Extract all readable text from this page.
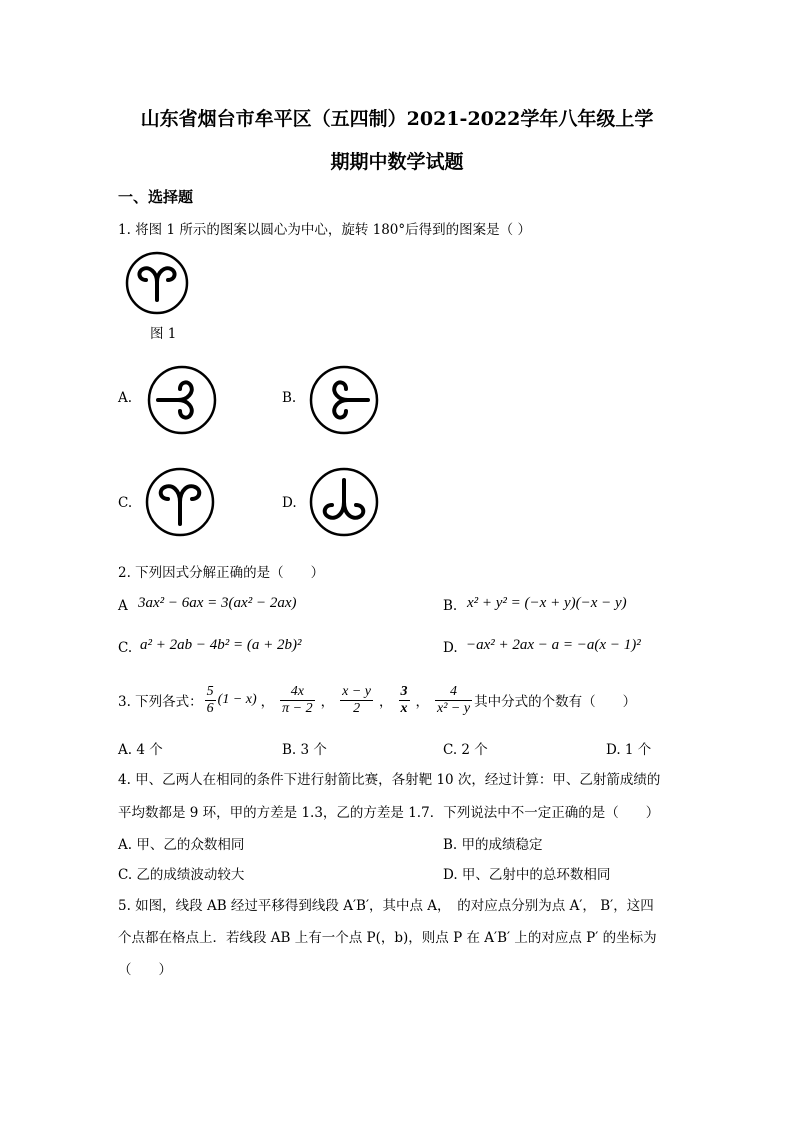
山东省烟台市牟平区（五四制）2021-2022学年八年级上学
期期中数学试题
一、选择题
1. 将图 1 所示的图案以圆心为中心，旋转 180°后得到的图案是（ ）
图 1
A.	B.
C.	D.
2. 下列因式分解正确的是（　　）
A 3ax² − 6ax = 3(ax² − 2ax)	B. x² + y² = (−x + y)(−x − y)
C. a² + 2ab − 4b² = (a + 2b)²	D. −ax² + 2ax − a = −a(x − 1)²
3. 下列各式： $\frac{5}{6} (1 - x)$ ， $\frac{4x}{\pi - 2}$ ， $\frac{x - y}{2}$ ， $\frac{3}{x}$ ， $\frac{4}{\text{x² − y}}$ 其中分式的个数有（　　）
A. 4 个	B. 3 个	C. 2 个	D. 1 个
4. 甲、乙两人在相同的条件下进行射箭比赛，各射靶 10 次，经过计算：甲、乙射箭成绩的
平均数都是 9 环，甲的方差是 1.3，乙的方差是 1.7．下列说法中不一定正确的是（　　）
A. 甲、乙的众数相同	B. 甲的成绩稳定
C. 乙的成绩波动较大	D. 甲、乙射中的总环数相同
5. 如图，线段 AB 经过平移得到线段 A′B′，其中点 A，　的对应点分别为点 A′， B′，这四
个点都在格点上．若线段 AB 上有一个点 P(，b)，则点 P 在 A′B′ 上的对应点 P′ 的坐标为
（　　）
